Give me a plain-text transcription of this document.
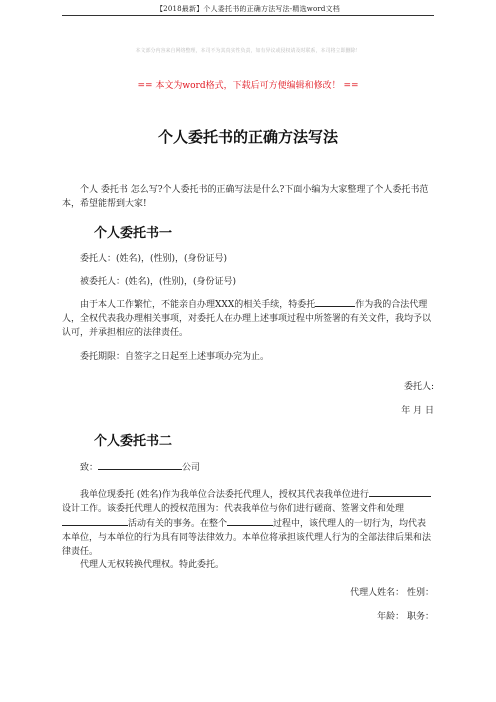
【2018最新】个人委托书的正确方法写法-精选word文档
本文部分内容来自网络整理，本司不为其真实性负责，如有异议或侵权请及时联系，本司将立即删除！
== 本文为word格式，下载后可方便编辑和修改！ ==
个人委托书的正确方法写法
个人 委托书 怎么写?个人委托书的正确写法是什么?下面小编为大家整理了个人委托书范本，希望能帮到大家!
个人委托书一
委托人：(姓名)，(性别)，(身份证号)
被委托人：(姓名)，(性别)，(身份证号)
由于本人工作繁忙，不能亲自办理XXX的相关手续，特委托	作为我的合法代理人，全权代表我办理相关事项，对委托人在办理上述事项过程中所签署的有关文件，我均予以认可，并承担相应的法律责任。
委托期限：自签字之日起至上述事项办完为止。
委托人:
年 月 日
个人委托书二
致：	公司
我单位现委托 (姓名)作为我单位合法委托代理人，授权其代表我单位进行设计工作。该委托代理人的授权范围为：代表我单位与你们进行磋商、签署文件和处理活动有关的事务。在整个	过程中，该代理人的一切行为，均代表本单位，与本单位的行为具有同等法律效力。本单位将承担该代理人行为的全部法律后果和法律责任。
代理人无权转换代理权。特此委托。
代理人姓名： 性别：
年龄： 职务：
